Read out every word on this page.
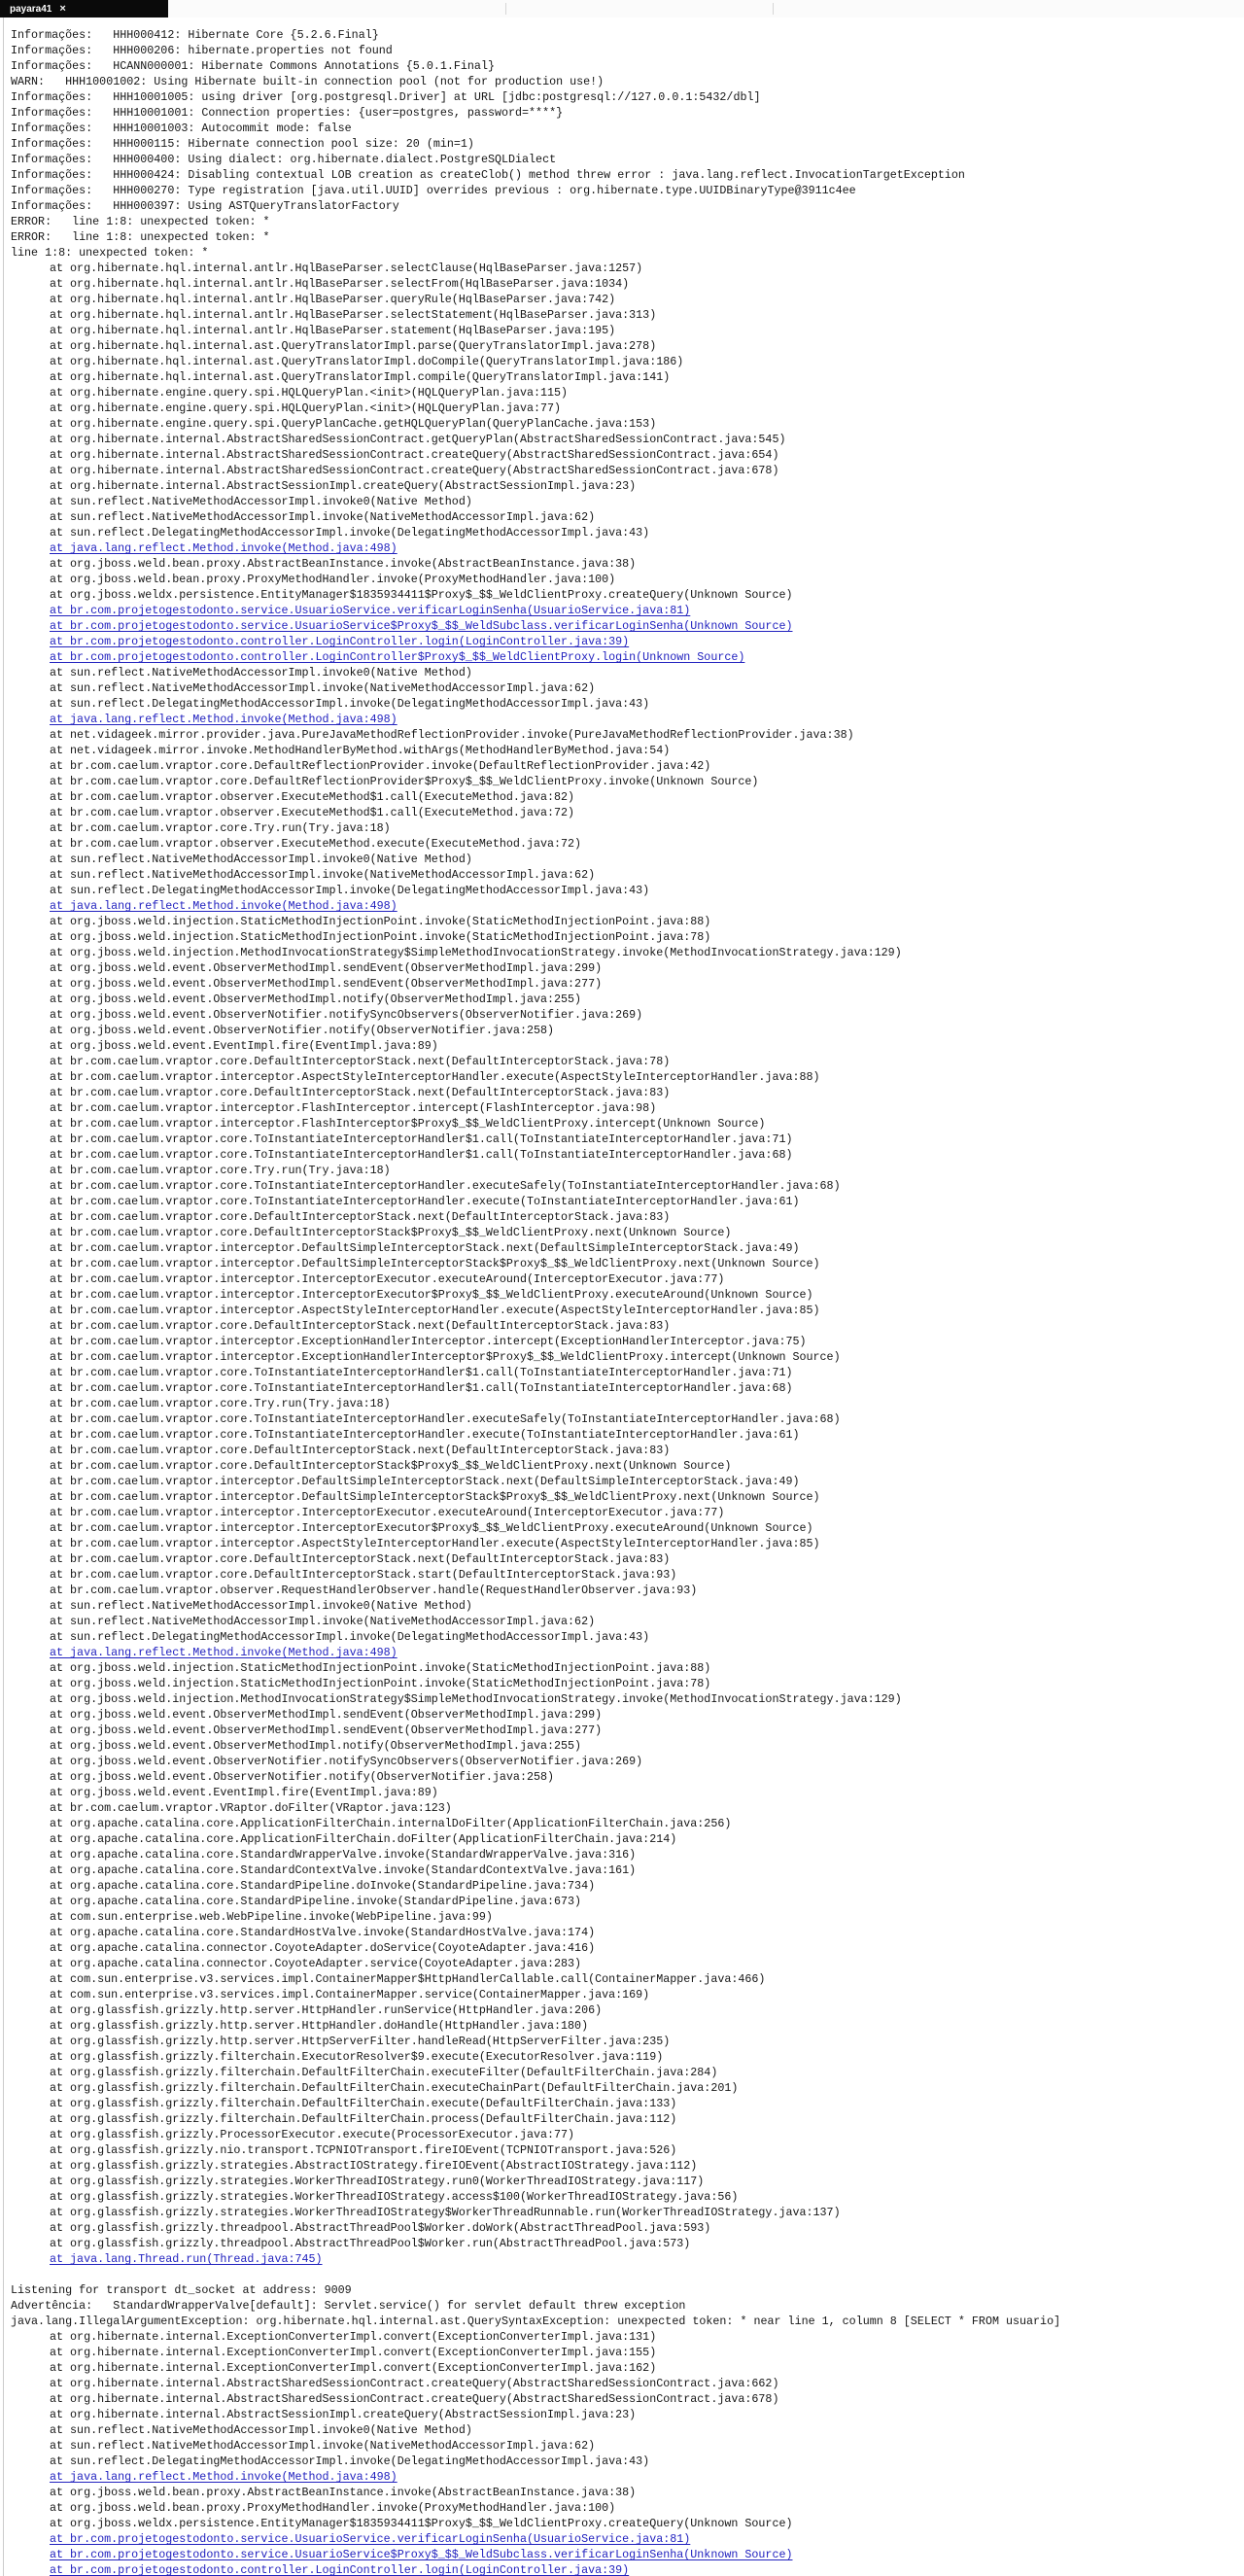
payara41 ×
Informações:   HHH000412: Hibernate Core {5.2.6.Final}
Informações:   HHH000206: hibernate.properties not found
Informações:   HCANN000001: Hibernate Commons Annotations {5.0.1.Final}
WARN:   HHH10001002: Using Hibernate built-in connection pool (not for production use!)
Informações:   HHH10001005: using driver [org.postgresql.Driver] at URL [jdbc:postgresql://127.0.0.1:5432/dbl]
Informações:   HHH10001001: Connection properties: {user=postgres, password=****}
Informações:   HHH10001003: Autocommit mode: false
Informações:   HHH000115: Hibernate connection pool size: 20 (min=1)
Informações:   HHH000400: Using dialect: org.hibernate.dialect.PostgreSQLDialect
Informações:   HHH000424: Disabling contextual LOB creation as createClob() method threw error : java.lang.reflect.InvocationTargetException
Informações:   HHH000270: Type registration [java.util.UUID] overrides previous : org.hibernate.type.UUIDBinaryType@3911c4ee
Informações:   HHH000397: Using ASTQueryTranslatorFactory
ERROR:   line 1:8: unexpected token: *
ERROR:   line 1:8: unexpected token: *
line 1:8: unexpected token: *
at org.hibernate.hql.internal.antlr.HqlBaseParser.selectClause(HqlBaseParser.java:1257)
at org.hibernate.hql.internal.antlr.HqlBaseParser.selectFrom(HqlBaseParser.java:1034)
at org.hibernate.hql.internal.antlr.HqlBaseParser.queryRule(HqlBaseParser.java:742)
at org.hibernate.hql.internal.antlr.HqlBaseParser.selectStatement(HqlBaseParser.java:313)
at org.hibernate.hql.internal.antlr.HqlBaseParser.statement(HqlBaseParser.java:195)
at org.hibernate.hql.internal.ast.QueryTranslatorImpl.parse(QueryTranslatorImpl.java:278)
at org.hibernate.hql.internal.ast.QueryTranslatorImpl.doCompile(QueryTranslatorImpl.java:186)
at org.hibernate.hql.internal.ast.QueryTranslatorImpl.compile(QueryTranslatorImpl.java:141)
at org.hibernate.engine.query.spi.HQLQueryPlan.<init>(HQLQueryPlan.java:115)
at org.hibernate.engine.query.spi.HQLQueryPlan.<init>(HQLQueryPlan.java:77)
at org.hibernate.engine.query.spi.QueryPlanCache.getHQLQueryPlan(QueryPlanCache.java:153)
at org.hibernate.internal.AbstractSharedSessionContract.getQueryPlan(AbstractSharedSessionContract.java:545)
at org.hibernate.internal.AbstractSharedSessionContract.createQuery(AbstractSharedSessionContract.java:654)
at org.hibernate.internal.AbstractSharedSessionContract.createQuery(AbstractSharedSessionContract.java:678)
at org.hibernate.internal.AbstractSessionImpl.createQuery(AbstractSessionImpl.java:23)
at sun.reflect.NativeMethodAccessorImpl.invoke0(Native Method)
at sun.reflect.NativeMethodAccessorImpl.invoke(NativeMethodAccessorImpl.java:62)
at sun.reflect.DelegatingMethodAccessorImpl.invoke(DelegatingMethodAccessorImpl.java:43)
at java.lang.reflect.Method.invoke(Method.java:498)
at org.jboss.weld.bean.proxy.AbstractBeanInstance.invoke(AbstractBeanInstance.java:38)
at org.jboss.weld.bean.proxy.ProxyMethodHandler.invoke(ProxyMethodHandler.java:100)
at org.jboss.weldx.persistence.EntityManager$1835934411$Proxy$_$$_WeldClientProxy.createQuery(Unknown Source)
at br.com.projetogestodonto.service.UsuarioService.verificarLoginSenha(UsuarioService.java:81)
at br.com.projetogestodonto.service.UsuarioService$Proxy$_$$_WeldSubclass.verificarLoginSenha(Unknown Source)
at br.com.projetogestodonto.controller.LoginController.login(LoginController.java:39)
at br.com.projetogestodonto.controller.LoginController$Proxy$_$$_WeldClientProxy.login(Unknown Source)
at sun.reflect.NativeMethodAccessorImpl.invoke0(Native Method)
at sun.reflect.NativeMethodAccessorImpl.invoke(NativeMethodAccessorImpl.java:62)
at sun.reflect.DelegatingMethodAccessorImpl.invoke(DelegatingMethodAccessorImpl.java:43)
at java.lang.reflect.Method.invoke(Method.java:498)
at net.vidageek.mirror.provider.java.PureJavaMethodReflectionProvider.invoke(PureJavaMethodReflectionProvider.java:38)
at net.vidageek.mirror.invoke.MethodHandlerByMethod.withArgs(MethodHandlerByMethod.java:54)
at br.com.caelum.vraptor.core.DefaultReflectionProvider.invoke(DefaultReflectionProvider.java:42)
at br.com.caelum.vraptor.core.DefaultReflectionProvider$Proxy$_$$_WeldClientProxy.invoke(Unknown Source)
at br.com.caelum.vraptor.observer.ExecuteMethod$1.call(ExecuteMethod.java:82)
at br.com.caelum.vraptor.observer.ExecuteMethod$1.call(ExecuteMethod.java:72)
at br.com.caelum.vraptor.core.Try.run(Try.java:18)
at br.com.caelum.vraptor.observer.ExecuteMethod.execute(ExecuteMethod.java:72)
at sun.reflect.NativeMethodAccessorImpl.invoke0(Native Method)
at sun.reflect.NativeMethodAccessorImpl.invoke(NativeMethodAccessorImpl.java:62)
at sun.reflect.DelegatingMethodAccessorImpl.invoke(DelegatingMethodAccessorImpl.java:43)
at java.lang.reflect.Method.invoke(Method.java:498)
at org.jboss.weld.injection.StaticMethodInjectionPoint.invoke(StaticMethodInjectionPoint.java:88)
at org.jboss.weld.injection.StaticMethodInjectionPoint.invoke(StaticMethodInjectionPoint.java:78)
at org.jboss.weld.injection.MethodInvocationStrategy$SimpleMethodInvocationStrategy.invoke(MethodInvocationStrategy.java:129)
at org.jboss.weld.event.ObserverMethodImpl.sendEvent(ObserverMethodImpl.java:299)
at org.jboss.weld.event.ObserverMethodImpl.sendEvent(ObserverMethodImpl.java:277)
at org.jboss.weld.event.ObserverMethodImpl.notify(ObserverMethodImpl.java:255)
at org.jboss.weld.event.ObserverNotifier.notifySyncObservers(ObserverNotifier.java:269)
at org.jboss.weld.event.ObserverNotifier.notify(ObserverNotifier.java:258)
at org.jboss.weld.event.EventImpl.fire(EventImpl.java:89)
at br.com.caelum.vraptor.core.DefaultInterceptorStack.next(DefaultInterceptorStack.java:78)
at br.com.caelum.vraptor.interceptor.AspectStyleInterceptorHandler.execute(AspectStyleInterceptorHandler.java:88)
at br.com.caelum.vraptor.core.DefaultInterceptorStack.next(DefaultInterceptorStack.java:83)
at br.com.caelum.vraptor.interceptor.FlashInterceptor.intercept(FlashInterceptor.java:98)
at br.com.caelum.vraptor.interceptor.FlashInterceptor$Proxy$_$$_WeldClientProxy.intercept(Unknown Source)
at br.com.caelum.vraptor.core.ToInstantiateInterceptorHandler$1.call(ToInstantiateInterceptorHandler.java:71)
at br.com.caelum.vraptor.core.ToInstantiateInterceptorHandler$1.call(ToInstantiateInterceptorHandler.java:68)
at br.com.caelum.vraptor.core.Try.run(Try.java:18)
at br.com.caelum.vraptor.core.ToInstantiateInterceptorHandler.executeSafely(ToInstantiateInterceptorHandler.java:68)
at br.com.caelum.vraptor.core.ToInstantiateInterceptorHandler.execute(ToInstantiateInterceptorHandler.java:61)
at br.com.caelum.vraptor.core.DefaultInterceptorStack.next(DefaultInterceptorStack.java:83)
at br.com.caelum.vraptor.core.DefaultInterceptorStack$Proxy$_$$_WeldClientProxy.next(Unknown Source)
at br.com.caelum.vraptor.interceptor.DefaultSimpleInterceptorStack.next(DefaultSimpleInterceptorStack.java:49)
at br.com.caelum.vraptor.interceptor.DefaultSimpleInterceptorStack$Proxy$_$$_WeldClientProxy.next(Unknown Source)
at br.com.caelum.vraptor.interceptor.InterceptorExecutor.executeAround(InterceptorExecutor.java:77)
at br.com.caelum.vraptor.interceptor.InterceptorExecutor$Proxy$_$$_WeldClientProxy.executeAround(Unknown Source)
at br.com.caelum.vraptor.interceptor.AspectStyleInterceptorHandler.execute(AspectStyleInterceptorHandler.java:85)
at br.com.caelum.vraptor.core.DefaultInterceptorStack.next(DefaultInterceptorStack.java:83)
at br.com.caelum.vraptor.interceptor.ExceptionHandlerInterceptor.intercept(ExceptionHandlerInterceptor.java:75)
at br.com.caelum.vraptor.interceptor.ExceptionHandlerInterceptor$Proxy$_$$_WeldClientProxy.intercept(Unknown Source)
at br.com.caelum.vraptor.core.ToInstantiateInterceptorHandler$1.call(ToInstantiateInterceptorHandler.java:71)
at br.com.caelum.vraptor.core.ToInstantiateInterceptorHandler$1.call(ToInstantiateInterceptorHandler.java:68)
at br.com.caelum.vraptor.core.Try.run(Try.java:18)
at br.com.caelum.vraptor.core.ToInstantiateInterceptorHandler.executeSafely(ToInstantiateInterceptorHandler.java:68)
at br.com.caelum.vraptor.core.ToInstantiateInterceptorHandler.execute(ToInstantiateInterceptorHandler.java:61)
at br.com.caelum.vraptor.core.DefaultInterceptorStack.next(DefaultInterceptorStack.java:83)
at br.com.caelum.vraptor.core.DefaultInterceptorStack$Proxy$_$$_WeldClientProxy.next(Unknown Source)
at br.com.caelum.vraptor.interceptor.DefaultSimpleInterceptorStack.next(DefaultSimpleInterceptorStack.java:49)
at br.com.caelum.vraptor.interceptor.DefaultSimpleInterceptorStack$Proxy$_$$_WeldClientProxy.next(Unknown Source)
at br.com.caelum.vraptor.interceptor.InterceptorExecutor.executeAround(InterceptorExecutor.java:77)
at br.com.caelum.vraptor.interceptor.InterceptorExecutor$Proxy$_$$_WeldClientProxy.executeAround(Unknown Source)
at br.com.caelum.vraptor.interceptor.AspectStyleInterceptorHandler.execute(AspectStyleInterceptorHandler.java:85)
at br.com.caelum.vraptor.core.DefaultInterceptorStack.next(DefaultInterceptorStack.java:83)
at br.com.caelum.vraptor.core.DefaultInterceptorStack.start(DefaultInterceptorStack.java:93)
at br.com.caelum.vraptor.observer.RequestHandlerObserver.handle(RequestHandlerObserver.java:93)
at sun.reflect.NativeMethodAccessorImpl.invoke0(Native Method)
at sun.reflect.NativeMethodAccessorImpl.invoke(NativeMethodAccessorImpl.java:62)
at sun.reflect.DelegatingMethodAccessorImpl.invoke(DelegatingMethodAccessorImpl.java:43)
at java.lang.reflect.Method.invoke(Method.java:498)
at org.jboss.weld.injection.StaticMethodInjectionPoint.invoke(StaticMethodInjectionPoint.java:88)
at org.jboss.weld.injection.StaticMethodInjectionPoint.invoke(StaticMethodInjectionPoint.java:78)
at org.jboss.weld.injection.MethodInvocationStrategy$SimpleMethodInvocationStrategy.invoke(MethodInvocationStrategy.java:129)
at org.jboss.weld.event.ObserverMethodImpl.sendEvent(ObserverMethodImpl.java:299)
at org.jboss.weld.event.ObserverMethodImpl.sendEvent(ObserverMethodImpl.java:277)
at org.jboss.weld.event.ObserverMethodImpl.notify(ObserverMethodImpl.java:255)
at org.jboss.weld.event.ObserverNotifier.notifySyncObservers(ObserverNotifier.java:269)
at org.jboss.weld.event.ObserverNotifier.notify(ObserverNotifier.java:258)
at org.jboss.weld.event.EventImpl.fire(EventImpl.java:89)
at br.com.caelum.vraptor.VRaptor.doFilter(VRaptor.java:123)
at org.apache.catalina.core.ApplicationFilterChain.internalDoFilter(ApplicationFilterChain.java:256)
at org.apache.catalina.core.ApplicationFilterChain.doFilter(ApplicationFilterChain.java:214)
at org.apache.catalina.core.StandardWrapperValve.invoke(StandardWrapperValve.java:316)
at org.apache.catalina.core.StandardContextValve.invoke(StandardContextValve.java:161)
at org.apache.catalina.core.StandardPipeline.doInvoke(StandardPipeline.java:734)
at org.apache.catalina.core.StandardPipeline.invoke(StandardPipeline.java:673)
at com.sun.enterprise.web.WebPipeline.invoke(WebPipeline.java:99)
at org.apache.catalina.core.StandardHostValve.invoke(StandardHostValve.java:174)
at org.apache.catalina.connector.CoyoteAdapter.doService(CoyoteAdapter.java:416)
at org.apache.catalina.connector.CoyoteAdapter.service(CoyoteAdapter.java:283)
at com.sun.enterprise.v3.services.impl.ContainerMapper$HttpHandlerCallable.call(ContainerMapper.java:466)
at com.sun.enterprise.v3.services.impl.ContainerMapper.service(ContainerMapper.java:169)
at org.glassfish.grizzly.http.server.HttpHandler.runService(HttpHandler.java:206)
at org.glassfish.grizzly.http.server.HttpHandler.doHandle(HttpHandler.java:180)
at org.glassfish.grizzly.http.server.HttpServerFilter.handleRead(HttpServerFilter.java:235)
at org.glassfish.grizzly.filterchain.ExecutorResolver$9.execute(ExecutorResolver.java:119)
at org.glassfish.grizzly.filterchain.DefaultFilterChain.executeFilter(DefaultFilterChain.java:284)
at org.glassfish.grizzly.filterchain.DefaultFilterChain.executeChainPart(DefaultFilterChain.java:201)
at org.glassfish.grizzly.filterchain.DefaultFilterChain.execute(DefaultFilterChain.java:133)
at org.glassfish.grizzly.filterchain.DefaultFilterChain.process(DefaultFilterChain.java:112)
at org.glassfish.grizzly.ProcessorExecutor.execute(ProcessorExecutor.java:77)
at org.glassfish.grizzly.nio.transport.TCPNIOTransport.fireIOEvent(TCPNIOTransport.java:526)
at org.glassfish.grizzly.strategies.AbstractIOStrategy.fireIOEvent(AbstractIOStrategy.java:112)
at org.glassfish.grizzly.strategies.WorkerThreadIOStrategy.run0(WorkerThreadIOStrategy.java:117)
at org.glassfish.grizzly.strategies.WorkerThreadIOStrategy.access$100(WorkerThreadIOStrategy.java:56)
at org.glassfish.grizzly.strategies.WorkerThreadIOStrategy$WorkerThreadRunnable.run(WorkerThreadIOStrategy.java:137)
at org.glassfish.grizzly.threadpool.AbstractThreadPool$Worker.doWork(AbstractThreadPool.java:593)
at org.glassfish.grizzly.threadpool.AbstractThreadPool$Worker.run(AbstractThreadPool.java:573)
at java.lang.Thread.run(Thread.java:745)
Listening for transport dt_socket at address: 9009
Advertência:   StandardWrapperValve[default]: Servlet.service() for servlet default threw exception
java.lang.IllegalArgumentException: org.hibernate.hql.internal.ast.QuerySyntaxException: unexpected token: * near line 1, column 8 [SELECT * FROM usuario]
at org.hibernate.internal.ExceptionConverterImpl.convert(ExceptionConverterImpl.java:131)
at org.hibernate.internal.ExceptionConverterImpl.convert(ExceptionConverterImpl.java:155)
at org.hibernate.internal.ExceptionConverterImpl.convert(ExceptionConverterImpl.java:162)
at org.hibernate.internal.AbstractSharedSessionContract.createQuery(AbstractSharedSessionContract.java:662)
at org.hibernate.internal.AbstractSharedSessionContract.createQuery(AbstractSharedSessionContract.java:678)
at org.hibernate.internal.AbstractSessionImpl.createQuery(AbstractSessionImpl.java:23)
at sun.reflect.NativeMethodAccessorImpl.invoke0(Native Method)
at sun.reflect.NativeMethodAccessorImpl.invoke(NativeMethodAccessorImpl.java:62)
at sun.reflect.DelegatingMethodAccessorImpl.invoke(DelegatingMethodAccessorImpl.java:43)
at java.lang.reflect.Method.invoke(Method.java:498)
at org.jboss.weld.bean.proxy.AbstractBeanInstance.invoke(AbstractBeanInstance.java:38)
at org.jboss.weld.bean.proxy.ProxyMethodHandler.invoke(ProxyMethodHandler.java:100)
at org.jboss.weldx.persistence.EntityManager$1835934411$Proxy$_$$_WeldClientProxy.createQuery(Unknown Source)
at br.com.projetogestodonto.service.UsuarioService.verificarLoginSenha(UsuarioService.java:81)
at br.com.projetogestodonto.service.UsuarioService$Proxy$_$$_WeldSubclass.verificarLoginSenha(Unknown Source)
at br.com.projetogestodonto.controller.LoginController.login(LoginController.java:39)
